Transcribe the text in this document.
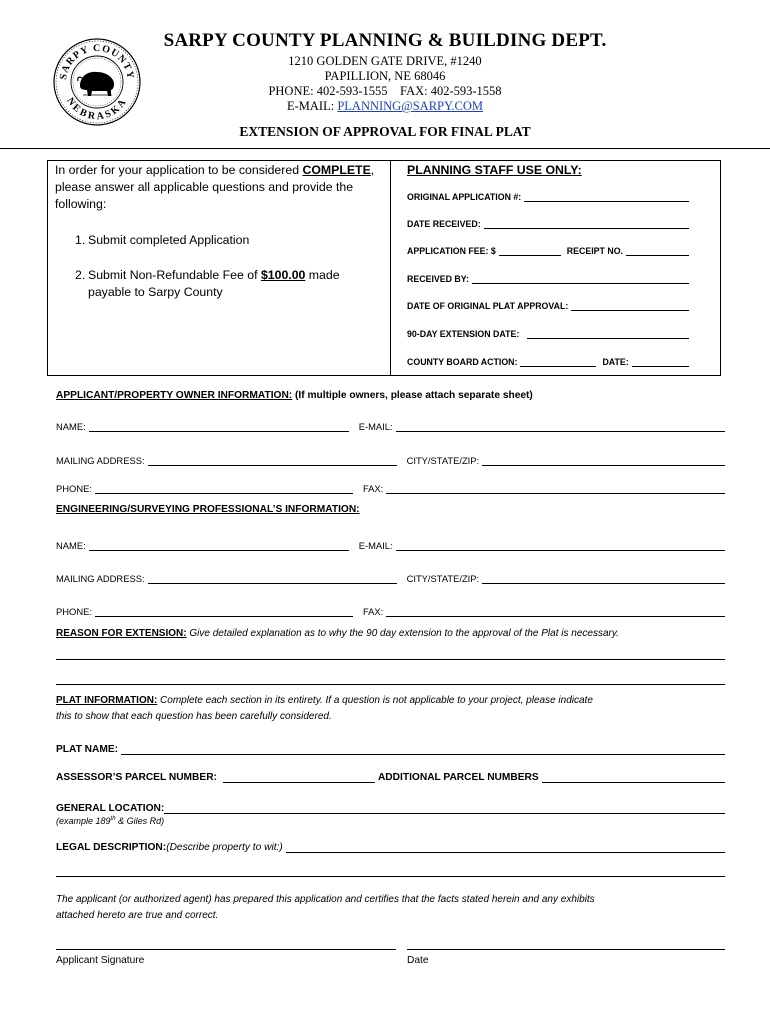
SARPY COUNTY
NEBRASKA
SARPY COUNTY PLANNING & BUILDING DEPT.
1210 GOLDEN GATE DRIVE, #1240
PAPILLION, NE 68046
PHONE: 402-593-1555    FAX: 402-593-1558
E-MAIL: PLANNING@SARPY.COM
EXTENSION OF APPROVAL FOR FINAL PLAT
In order for your application to be considered COMPLETE, please answer all applicable questions and provide the following:
1. Submit completed Application
2. Submit Non-Refundable Fee of $100.00 made
payable to Sarpy County
PLANNING STAFF USE ONLY:
ORIGINAL APPLICATION #:
DATE RECEIVED:
APPLICATION FEE: $	RECEIPT NO.
RECEIVED BY:
DATE OF ORIGINAL PLAT APPROVAL:
90-DAY EXTENSION DATE:
COUNTY BOARD ACTION:	DATE:
APPLICANT/PROPERTY OWNER INFORMATION: (If multiple owners, please attach separate sheet)
NAME:	E-MAIL:
MAILING ADDRESS:	CITY/STATE/ZIP:
PHONE:	FAX:
ENGINEERING/SURVEYING PROFESSIONAL’S INFORMATION:
NAME:	E-MAIL:
MAILING ADDRESS:	CITY/STATE/ZIP:
PHONE:	FAX:
REASON FOR EXTENSION: Give detailed explanation as to why the 90 day extension to the approval of the Plat is necessary.
PLAT INFORMATION: Complete each section in its entirety. If a question is not applicable to your project, please indicate
this to show that each question has been carefully considered.
PLAT NAME:
ASSESSOR’S PARCEL NUMBER:	ADDITIONAL PARCEL NUMBERS
GENERAL LOCATION:
(example 189th & Giles Rd)
LEGAL DESCRIPTION: (Describe property to wit:)
The applicant (or authorized agent) has prepared this application and certifies that the facts stated herein and any exhibits
attached hereto are true and correct.
Applicant Signature	Date
